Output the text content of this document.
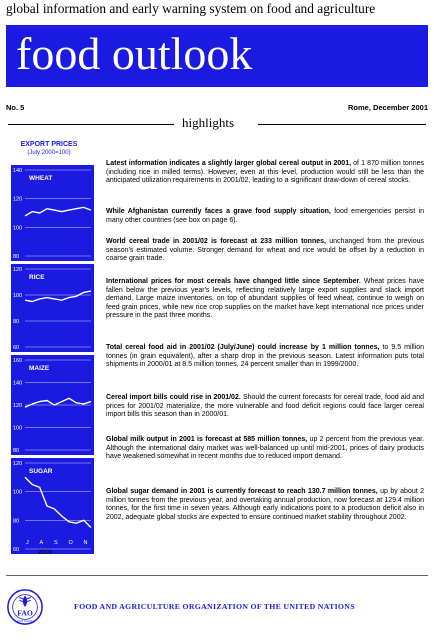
global information and early warning system on food and agriculture
food outlook
No. 5	Rome, December 2001
highlights
EXPORT PRICES
(July 2000=100)
140
120
100
80
WHEAT
120
100
80
60
RICE
160
140
120
100
80
MAIZE
120
100
80
60
SUGAR
J A S O N
2001
Latest information indicates a slightly larger global cereal output in 2001, of 1 870 million tonnes (including rice in milled terms). However, even at this level, production would still be less than the anticipated utilization requirements in 2001/02, leading to a significant draw-down of cereal stocks.
While Afghanistan currently faces a grave food supply situation, food emergencies persist in many other countries (see box on page 6).
World cereal trade in 2001/02 is forecast at 233 million tonnes, unchanged from the previous season's estimated volume. Stronger demand for wheat and rice would be offset by a reduction in coarse grain trade.
International prices for most cereals have changed little since September. Wheat prices have fallen below the previous year's levels, reflecting relatively large export supplies and slack import demand. Large maize inventories, on top of abundant supplies of feed wheat, continue to weigh on feed grain prices, while new rice crop supplies on the market have kept international rice prices under pressure in the past three months.
Total cereal food aid in 2001/02 (July/June) could increase by 1 million tonnes, to 9.5 million tonnes (in grain equivalent), after a sharp drop in the previous season. Latest information puts total shipments in 2000/01 at 8.5 million tonnes, 24 percent smaller than in 1999/2000.
Cereal import bills could rise in 2001/02. Should the current forecasts for cereal trade, food aid and prices for 2001/02 materialize, the more vulnerable and food deficit regions could face larger cereal import bills this season than in 2000/01.
Global milk output in 2001 is forecast at 585 million tonnes, up 2 percent from the previous year. Although the international dairy market was well-balanced up until mid-2001, prices of dairy products have weakened somewhat in recent months due to reduced import demand.
Global sugar demand in 2001 is currently forecast to reach 130.7 million tonnes, up by about 2 million tonnes from the previous year, and overtaking annual production, now forecast at 129.4 million tonnes, for the first time in seven years. Although early indications point to a production deficit also in 2002, adequate global stocks are expected to ensure continued market stability throughout 2002.
FAO
FIAT PANIS
FOOD AND AGRICULTURE ORGANIZATION OF THE UNITED NATIONS
